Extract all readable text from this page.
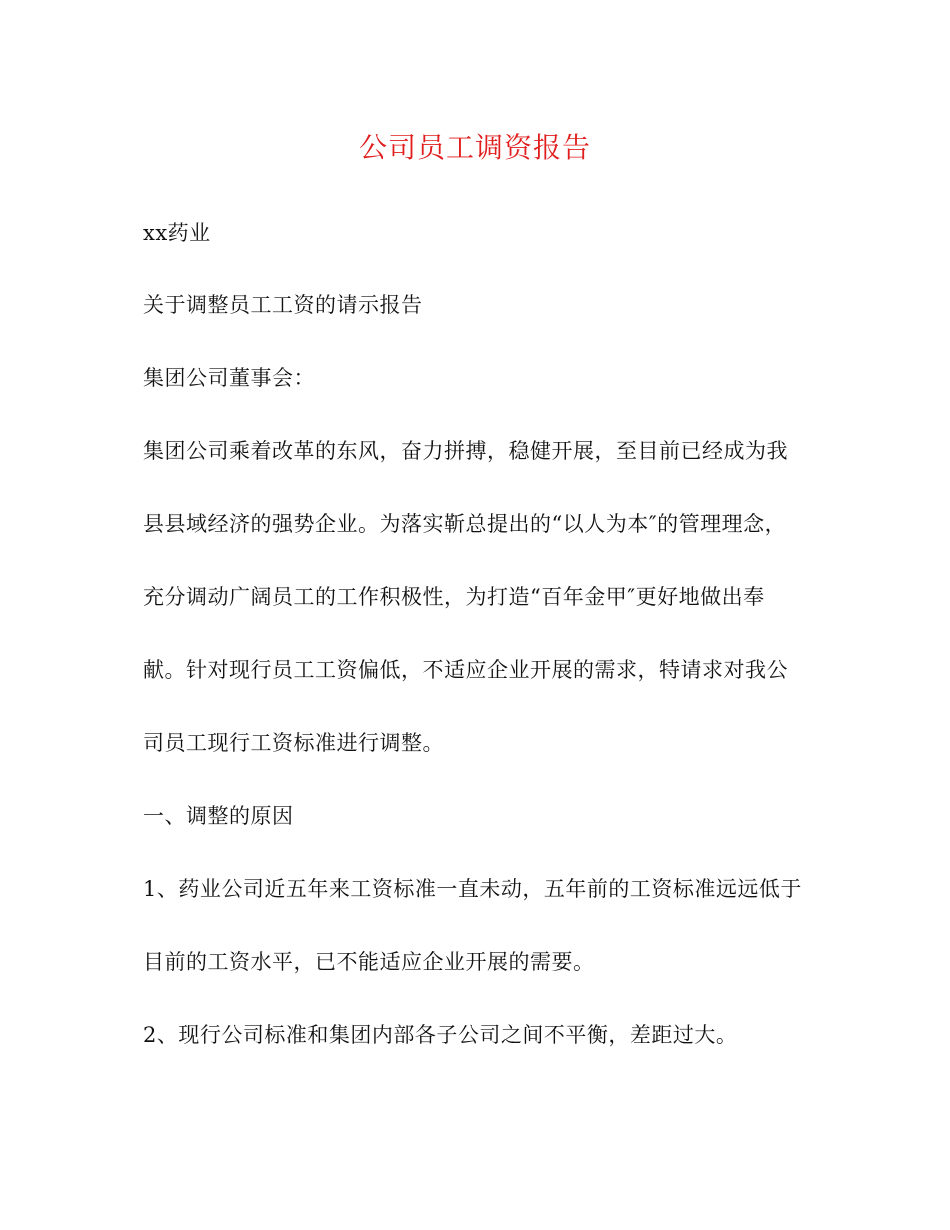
公司员工调资报告
xx药业
关于调整员工工资的请示报告
集团公司董事会：
集团公司乘着改革的东风，奋力拼搏，稳健开展，至目前已经成为我
县县域经济的强势企业。为落实靳总提出的“以人为本″的管理理念，
充分调动广阔员工的工作积极性，为打造“百年金甲″更好地做出奉
献。针对现行员工工资偏低，不适应企业开展的需求，特请求对我公
司员工现行工资标准进行调整。
一、调整的原因
1、药业公司近五年来工资标准一直未动，五年前的工资标准远远低于
目前的工资水平，已不能适应企业开展的需要。
2、现行公司标准和集团内部各子公司之间不平衡，差距过大。
